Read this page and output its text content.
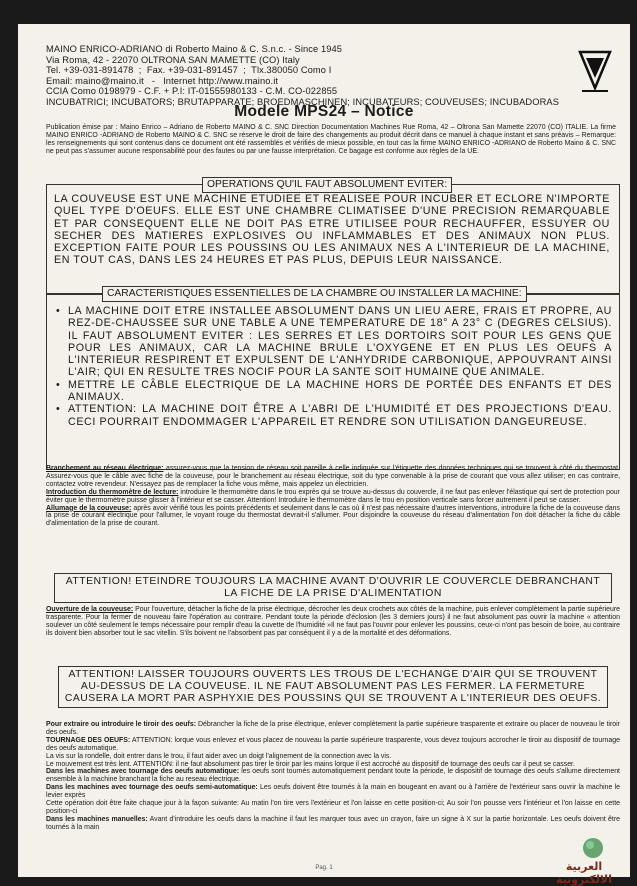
MAINO ENRICO-ADRIANO di Roberto Maino & C. S.n.c. - Since 1945
Via Roma, 42 - 22070 OLTRONA SAN MAMETTE (CO) Italy
Tel. +39-031-891478  ;  Fax. +39-031-891457  ;  Tlx.380050 Como I
Email: maino@maino.it   -   Internet http://www.maino.it
CCIA Como 0198979 - C.F. + P.I: IT-01555980133 - C.M. CO-022855
INCUBATRICI; INCUBATORS; BRUTAPPARATE; BROEDMASCHINEN; INCUBATEURS; COUVEUSES; INCUBADORAS
Modele MPS24 – Notice
Publication émise par : Maino Enrico – Adriano de Roberto MAINO & C. SNC Direction Documentation Machines Rue Roma, 42 – Oltrona San Mamette 22070 (CO) ITALIE. La firme MAINO ENRICO -ADRIANO de Roberto MAINO & C. SNC se réserve le droit de faire des changements au produit décrit dans ce manuel à chaque instant et sans préavis – Remarque: les renseignements qui sont contenus dans ce document ont été rassemblés et vérifiés de mieux possible, en tout cas la firme MAINO ENRICO -ADRIANO de Roberto Maino & C. SNC ne peut pas s'assumer aucune responsabilité pour des fautes ou par une fausse interprétation. Ce bagage est conforme aux règles de la UE.
OPERATIONS QU'IL FAUT ABSOLUMENT EVITER:
LA COUVEUSE EST UNE MACHINE ETUDIEE ET REALISEE POUR INCUBER ET ECLORE N'IMPORTE QUEL TYPE D'OEUFS. ELLE EST UNE CHAMBRE CLIMATISEE D'UNE PRECISION REMARQUABLE ET PAR CONSEQUENT ELLE NE DOIT PAS ETRE UTILISEE POUR RECHAUFFER, ESSUYER OU SECHER DES MATIERES EXPLOSIVES OU INFLAMMABLES ET DES ANIMAUX NON PLUS. EXCEPTION FAITE POUR LES POUSSINS OU LES ANIMAUX NES A L'INTERIEUR DE LA MACHINE, EN TOUT CAS, DANS LES 24 HEURES ET PAS PLUS, DEPUIS LEUR NAISSANCE.
CARACTERISTIQUES ESSENTIELLES DE LA CHAMBRE OU INSTALLER LA MACHINE:

• LA MACHINE DOIT ETRE INSTALLEE ABSOLUMENT DANS UN LIEU AERE, FRAIS ET PROPRE, AU REZ-DE-CHAUSSEE SUR UNE TABLE A UNE TEMPERATURE DE 18° A 23° C (DEGRES CELSIUS). IL FAUT ABSOLUMENT EVITER : LES SERRES ET LES DORTOIRS SOIT POUR LES GENS QUE POUR LES ANIMAUX, CAR LA MACHINE BRULE L'OXYGENE ET EN PLUS LES OEUFS A L'INTERIEUR RESPIRENT ET EXPULSENT DE L'ANHYDRIDE CARBONIQUE, APPOUVRANT AINSI L'AIR; QUI EN RESULTE TRES NOCIF POUR LA SANTE SOIT HUMAINE QUE ANIMALE.

• METTRE LE CÂBLE ELECTRIQUE DE LA MACHINE HORS DE PORTÉE DES ENFANTS ET DES ANIMAUX.

• ATTENTION: LA MACHINE DOIT ÊTRE A L'ABRI DE L'HUMIDITÉ ET DES PROJECTIONS D'EAU. CECI POURRAIT ENDOMMAGER L'APPAREIL ET RENDRE SON UTILISATION DANGEUREUSE.

Branchement au réseau électrique: assurez-vous que la tension de réseau soit pareille à celle indiquée sur l'étiquette des données techniques qui se trouvent à côté du thermostat. Assurez-vous que le câble avec fiche de la couveuse, pour le branchement au réseau électrique, soit du type convenable à la prise de courant que vous allez utiliser; en cas contraire, contactez votre revendeur. N'essayez pas de remplacer la fiche vous même, mais appelez un électricien.

Introduction du thermomètre de lecture: introduire le thermomètre dans le trou exprès qui se trouve au-dessus du couvercle, il ne faut pas enlever l'élastique qui sert de protection pour éviter que le thermomètre puisse glisser à l'intérieur et se casser. Attention! Introduire le thermomètre dans le trou en position verticale sans forcer autrement il peut se casser.

Allumage de la couveuse: après avoir vérifié tous les points précédents et seulement dans le cas où il n'est pas nécessaire d'autres interventions, introduire la fiche de la couveuse dans la prise de courant électrique pour l'allumer, le voyant rouge du thermostat devrait-il s'allumer. Pour disjoindre la couveuse du réseau d'alimentation l'on doit détacher la fiche du câble d'alimentation de la prise de courant.

ATTENTION! ETEINDRE TOUJOURS LA MACHINE AVANT D'OUVRIR LE COUVERCLE DEBRANCHANT LA FICHE DE LA PRISE D'ALIMENTATION

Ouverture de la couveuse: Pour l'ouverture, détacher la fiche de la prise électrique, décrocher les deux crochets aux côtés de la machine, puis enlever complètement la partie supérieure trasparente. Pour la fermer de nouveau faire l'opération au contraire. Pendant toute la période d'éclosion (les 3 derniers jours) il ne faut absolument pas ouvrir la machine « attention soulever un côté seulement le temps nécessaire pour remplir d'eau la cuvette de l'humidité »Il ne faut pas l'ouvrir pour enlever les poussins, ceux-ci n'ont pas besoin de boire, au contraire ils doivent bien absorber tout le sac vitellin. S'ils boivent ne l'absorbent pas par conséquent il y a de la mortalité et des déformations.

ATTENTION! LAISSER TOUJOURS OUVERTS LES TROUS DE L'ECHANGE D'AIR QUI SE TROUVENT AU-DESSUS DE LA COUVEUSE. IL NE FAUT ABSOLUMENT PAS LES FERMER. LA FERMETURE CAUSERA LA MORT PAR ASPHYXIE DES POUSSINS QUI SE TROUVENT A L'INTERIEUR DES OEUFS.

Pour extraire ou introduire le tiroir des oeufs: Débrancher la fiche de la prise électrique, enlever complètement la partie supérieure trasparente et extraire ou placer de nouveau le tiroir des oeufs.

TOURNAGE DES OEUFS: ATTENTION: lorque vous enlevez et vous placez de nouveau la partie supérieure trasparente, vous devez toujours accrocher le tiroir au dispositif de tournage des oeufs automatique.

La vis sur la rondelle, doit entrer dans le trou, il faut aider avec un doigt l'alignement de la connection avec la vis.

Le mouvement est très lent. ATTENTION: il ne faut absolument pas tirer le tiroir par les mains lorque il est accroché au dispositif de tournage des oeufs car il peut se casser.

Dans les machines avec tournage des oeufs automatique: les oeufs sont tournés automatiquement pendant toute la période, le dispositif de tournage des oeufs s'allume directement ensemble à la machine branchant la fiche au reseau électrique.

Dans les machines avec tournage des oeufs semi-automatique: Les oeufs doivent être tournés à la main en bougeant en avant ou à l'arrière de l'extérieur sans ouvrir la machine le levier exprès

Cette opération doit être faite chaque jour à la façon suivante: Au matin l'on tire vers l'extérieur et l'on laisse en cette position-ci; Au soir l'on pousse vers l'intérieur et l'on laisse en cette position-ci

Dans les machines manuelles: Avant d'introduire les oeufs dans la machine il faut les marquer tous avec un crayon, faire un signe à X sur la partie horizontale. Les oeufs doivent être tournés à la main

Pag. 1	العربية الالكترونية
